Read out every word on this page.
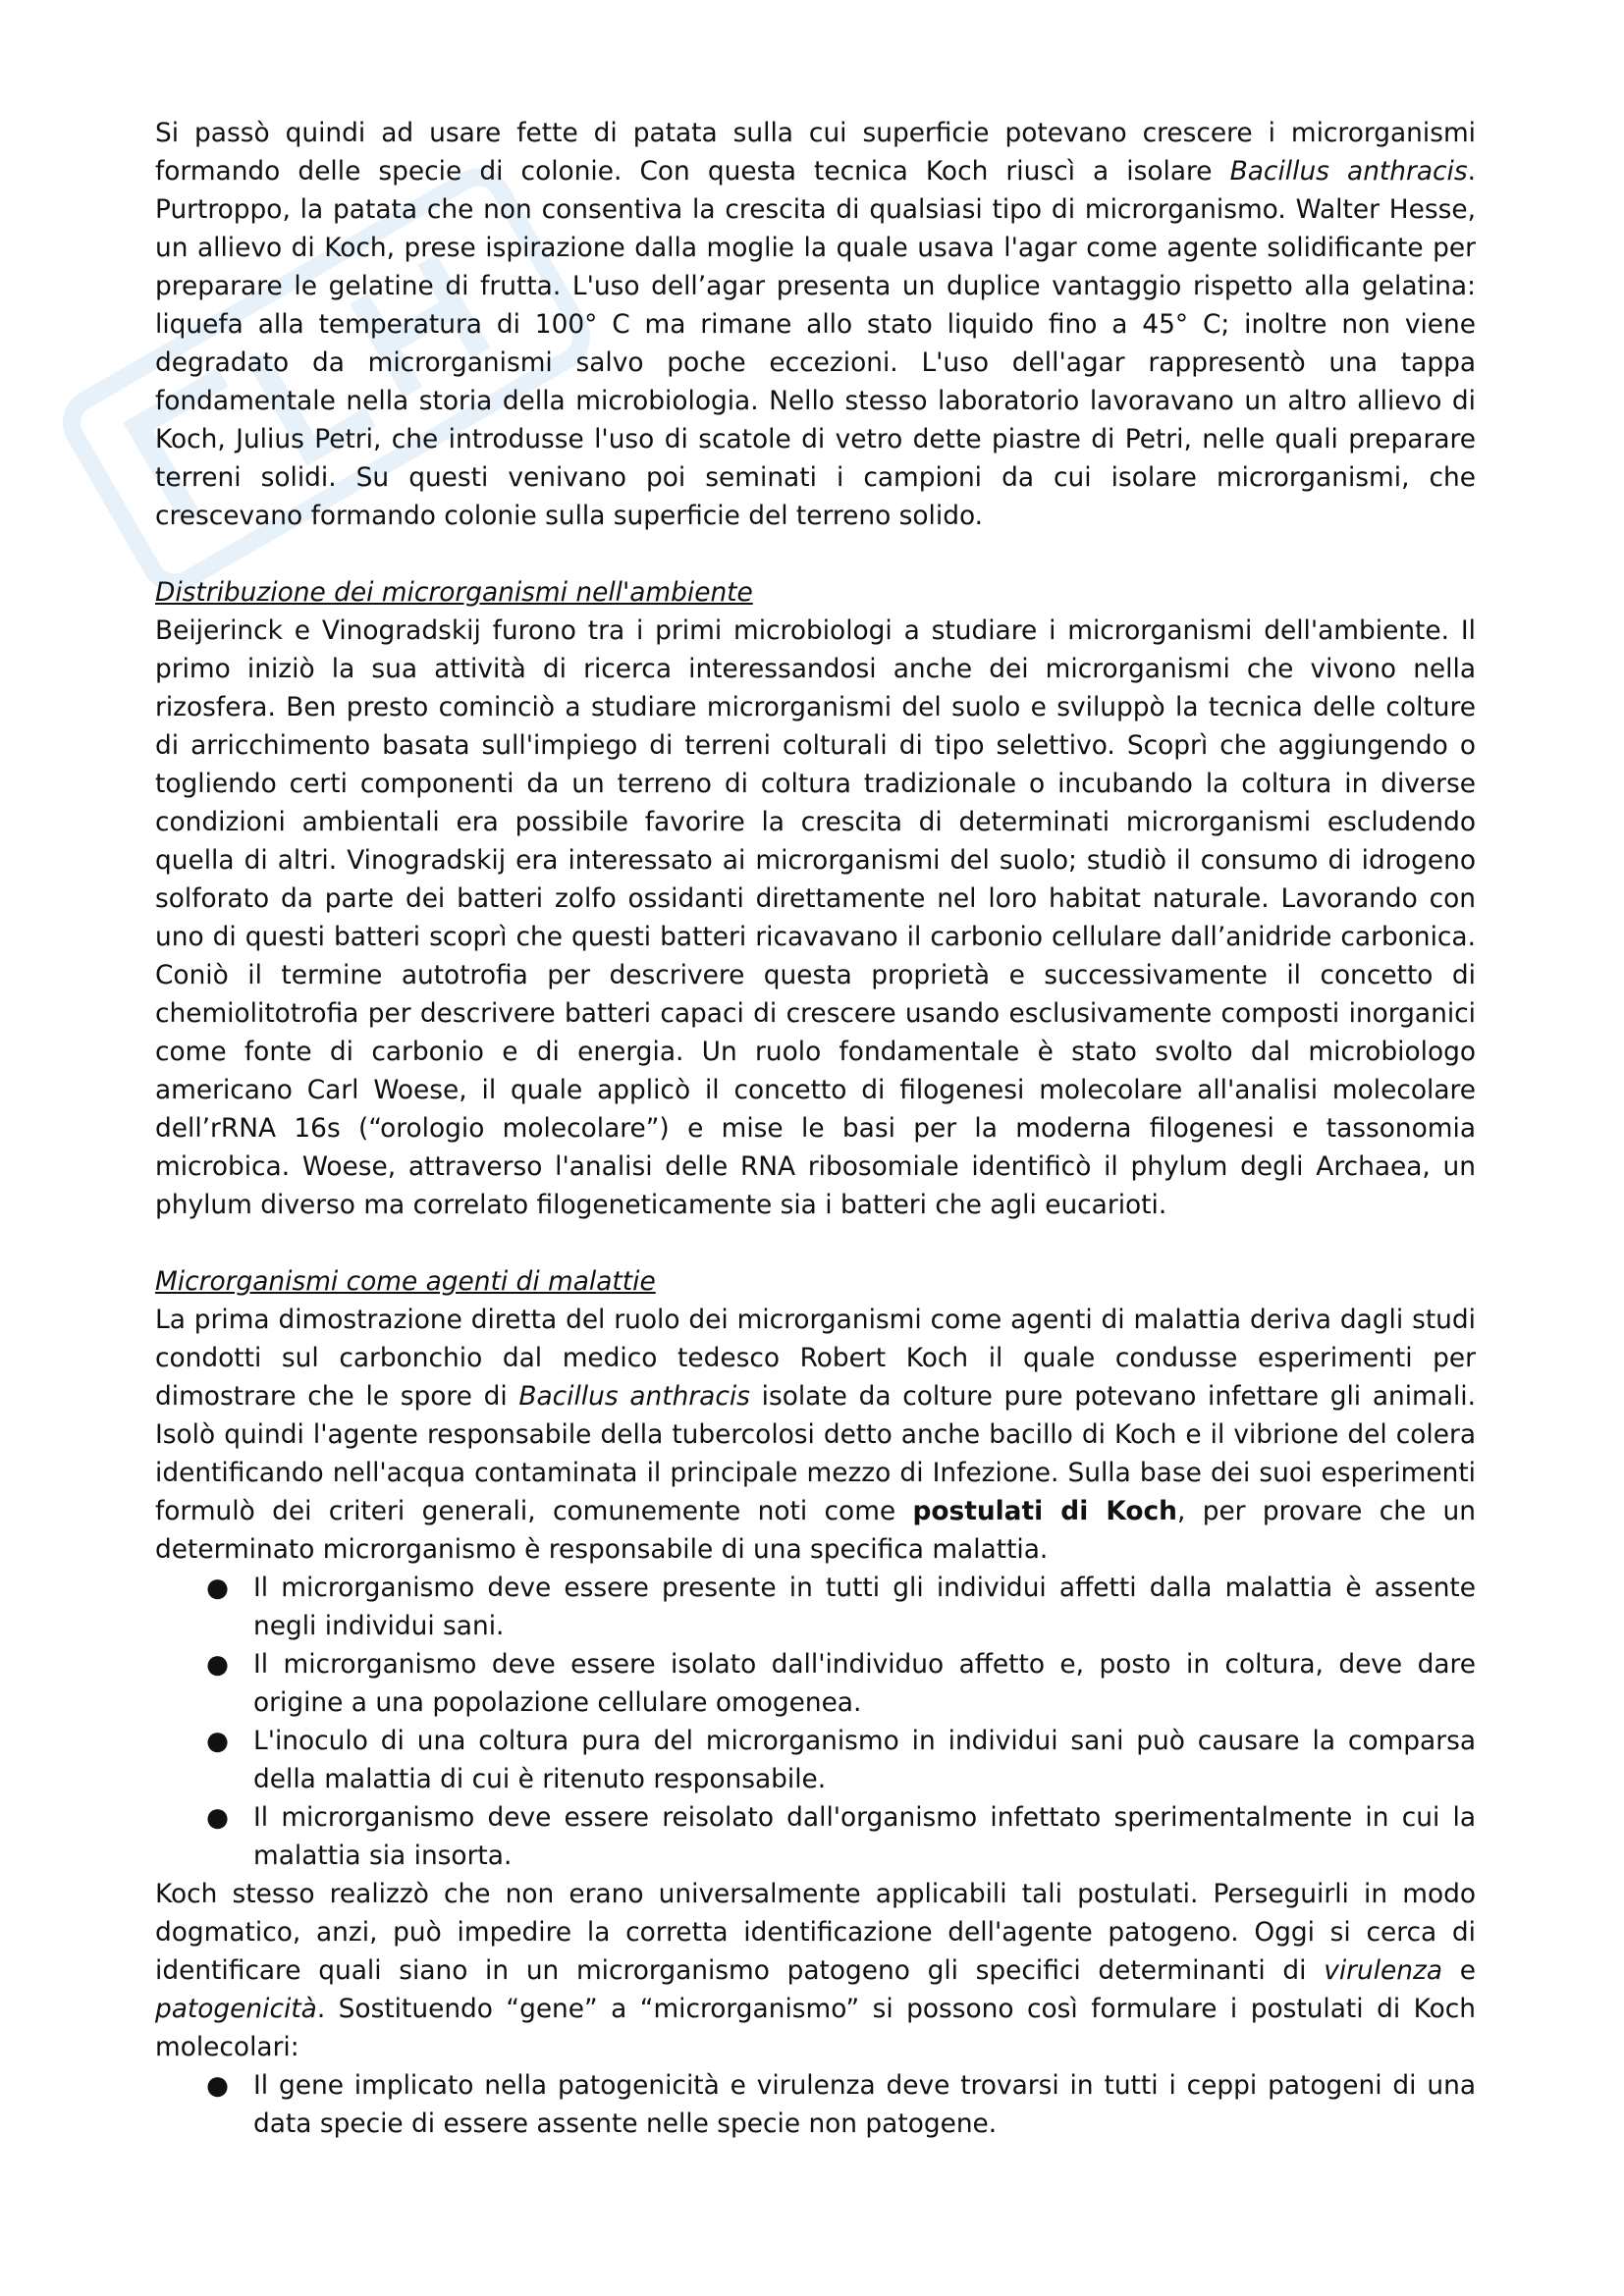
Si passò quindi ad usare fette di patata sulla cui superficie potevano crescere i microrganismi formando delle specie di colonie. Con questa tecnica Koch riuscì a isolare Bacillus anthracis. Purtroppo, la patata che non consentiva la crescita di qualsiasi tipo di microrganismo. Walter Hesse, un allievo di Koch, prese ispirazione dalla moglie la quale usava l'agar come agente solidificante per preparare le gelatine di frutta. L'uso dell’agar presenta un duplice vantaggio rispetto alla gelatina: liquefa alla temperatura di 100° C ma rimane allo stato liquido fino a 45° C; inoltre non viene degradato da microrganismi salvo poche eccezioni. L'uso dell'agar rappresentò una tappa fondamentale nella storia della microbiologia. Nello stesso laboratorio lavoravano un altro allievo di Koch, Julius Petri, che introdusse l'uso di scatole di vetro dette piastre di Petri, nelle quali preparare terreni solidi. Su questi venivano poi seminati i campioni da cui isolare microrganismi, che crescevano formando colonie sulla superficie del terreno solido.

Distribuzione dei microrganismi nell'ambiente

Beijerinck e Vinogradskij furono tra i primi microbiologi a studiare i microrganismi dell'ambiente. Il primo iniziò la sua attività di ricerca interessandosi anche dei microrganismi che vivono nella rizosfera. Ben presto cominciò a studiare microrganismi del suolo e sviluppò la tecnica delle colture di arricchimento basata sull'impiego di terreni colturali di tipo selettivo. Scoprì che aggiungendo o togliendo certi componenti da un terreno di coltura tradizionale o incubando la coltura in diverse condizioni ambientali era possibile favorire la crescita di determinati microrganismi escludendo quella di altri. Vinogradskij era interessato ai microrganismi del suolo; studiò il consumo di idrogeno solforato da parte dei batteri zolfo ossidanti direttamente nel loro habitat naturale. Lavorando con uno di questi batteri scoprì che questi batteri ricavavano il carbonio cellulare dall’anidride carbonica. Coniò il termine autotrofia per descrivere questa proprietà e successivamente il concetto di chemiolitotrofia per descrivere batteri capaci di crescere usando esclusivamente composti inorganici come fonte di carbonio e di energia. Un ruolo fondamentale è stato svolto dal microbiologo americano Carl Woese, il quale applicò il concetto di filogenesi molecolare all'analisi molecolare dell’rRNA 16s (“orologio molecolare”) e mise le basi per la moderna filogenesi e tassonomia microbica. Woese, attraverso l'analisi delle RNA ribosomiale identificò il phylum degli Archaea, un phylum diverso ma correlato filogeneticamente sia i batteri che agli eucarioti.

Microrganismi come agenti di malattie

La prima dimostrazione diretta del ruolo dei microrganismi come agenti di malattia deriva dagli studi condotti sul carbonchio dal medico tedesco Robert Koch il quale condusse esperimenti per dimostrare che le spore di Bacillus anthracis isolate da colture pure potevano infettare gli animali. Isolò quindi l'agente responsabile della tubercolosi detto anche bacillo di Koch e il vibrione del colera identificando nell'acqua contaminata il principale mezzo di Infezione. Sulla base dei suoi esperimenti formulò dei criteri generali, comunemente noti come postulati di Koch, per provare che un determinato microrganismo è responsabile di una specifica malattia.

● Il microrganismo deve essere presente in tutti gli individui affetti dalla malattia è assente negli individui sani.
● Il microrganismo deve essere isolato dall'individuo affetto e, posto in coltura, deve dare origine a una popolazione cellulare omogenea.
● L'inoculo di una coltura pura del microrganismo in individui sani può causare la comparsa della malattia di cui è ritenuto responsabile.
● Il microrganismo deve essere reisolato dall'organismo infettato sperimentalmente in cui la malattia sia insorta.

Koch stesso realizzò che non erano universalmente applicabili tali postulati. Perseguirli in modo dogmatico, anzi, può impedire la corretta identificazione dell'agente patogeno. Oggi si cerca di identificare quali siano in un microrganismo patogeno gli specifici determinanti di virulenza e patogenicità. Sostituendo “gene” a “microrganismo” si possono così formulare i postulati di Koch molecolari:

● Il gene implicato nella patogenicità e virulenza deve trovarsi in tutti i ceppi patogeni di una data specie di essere assente nelle specie non patogene.
